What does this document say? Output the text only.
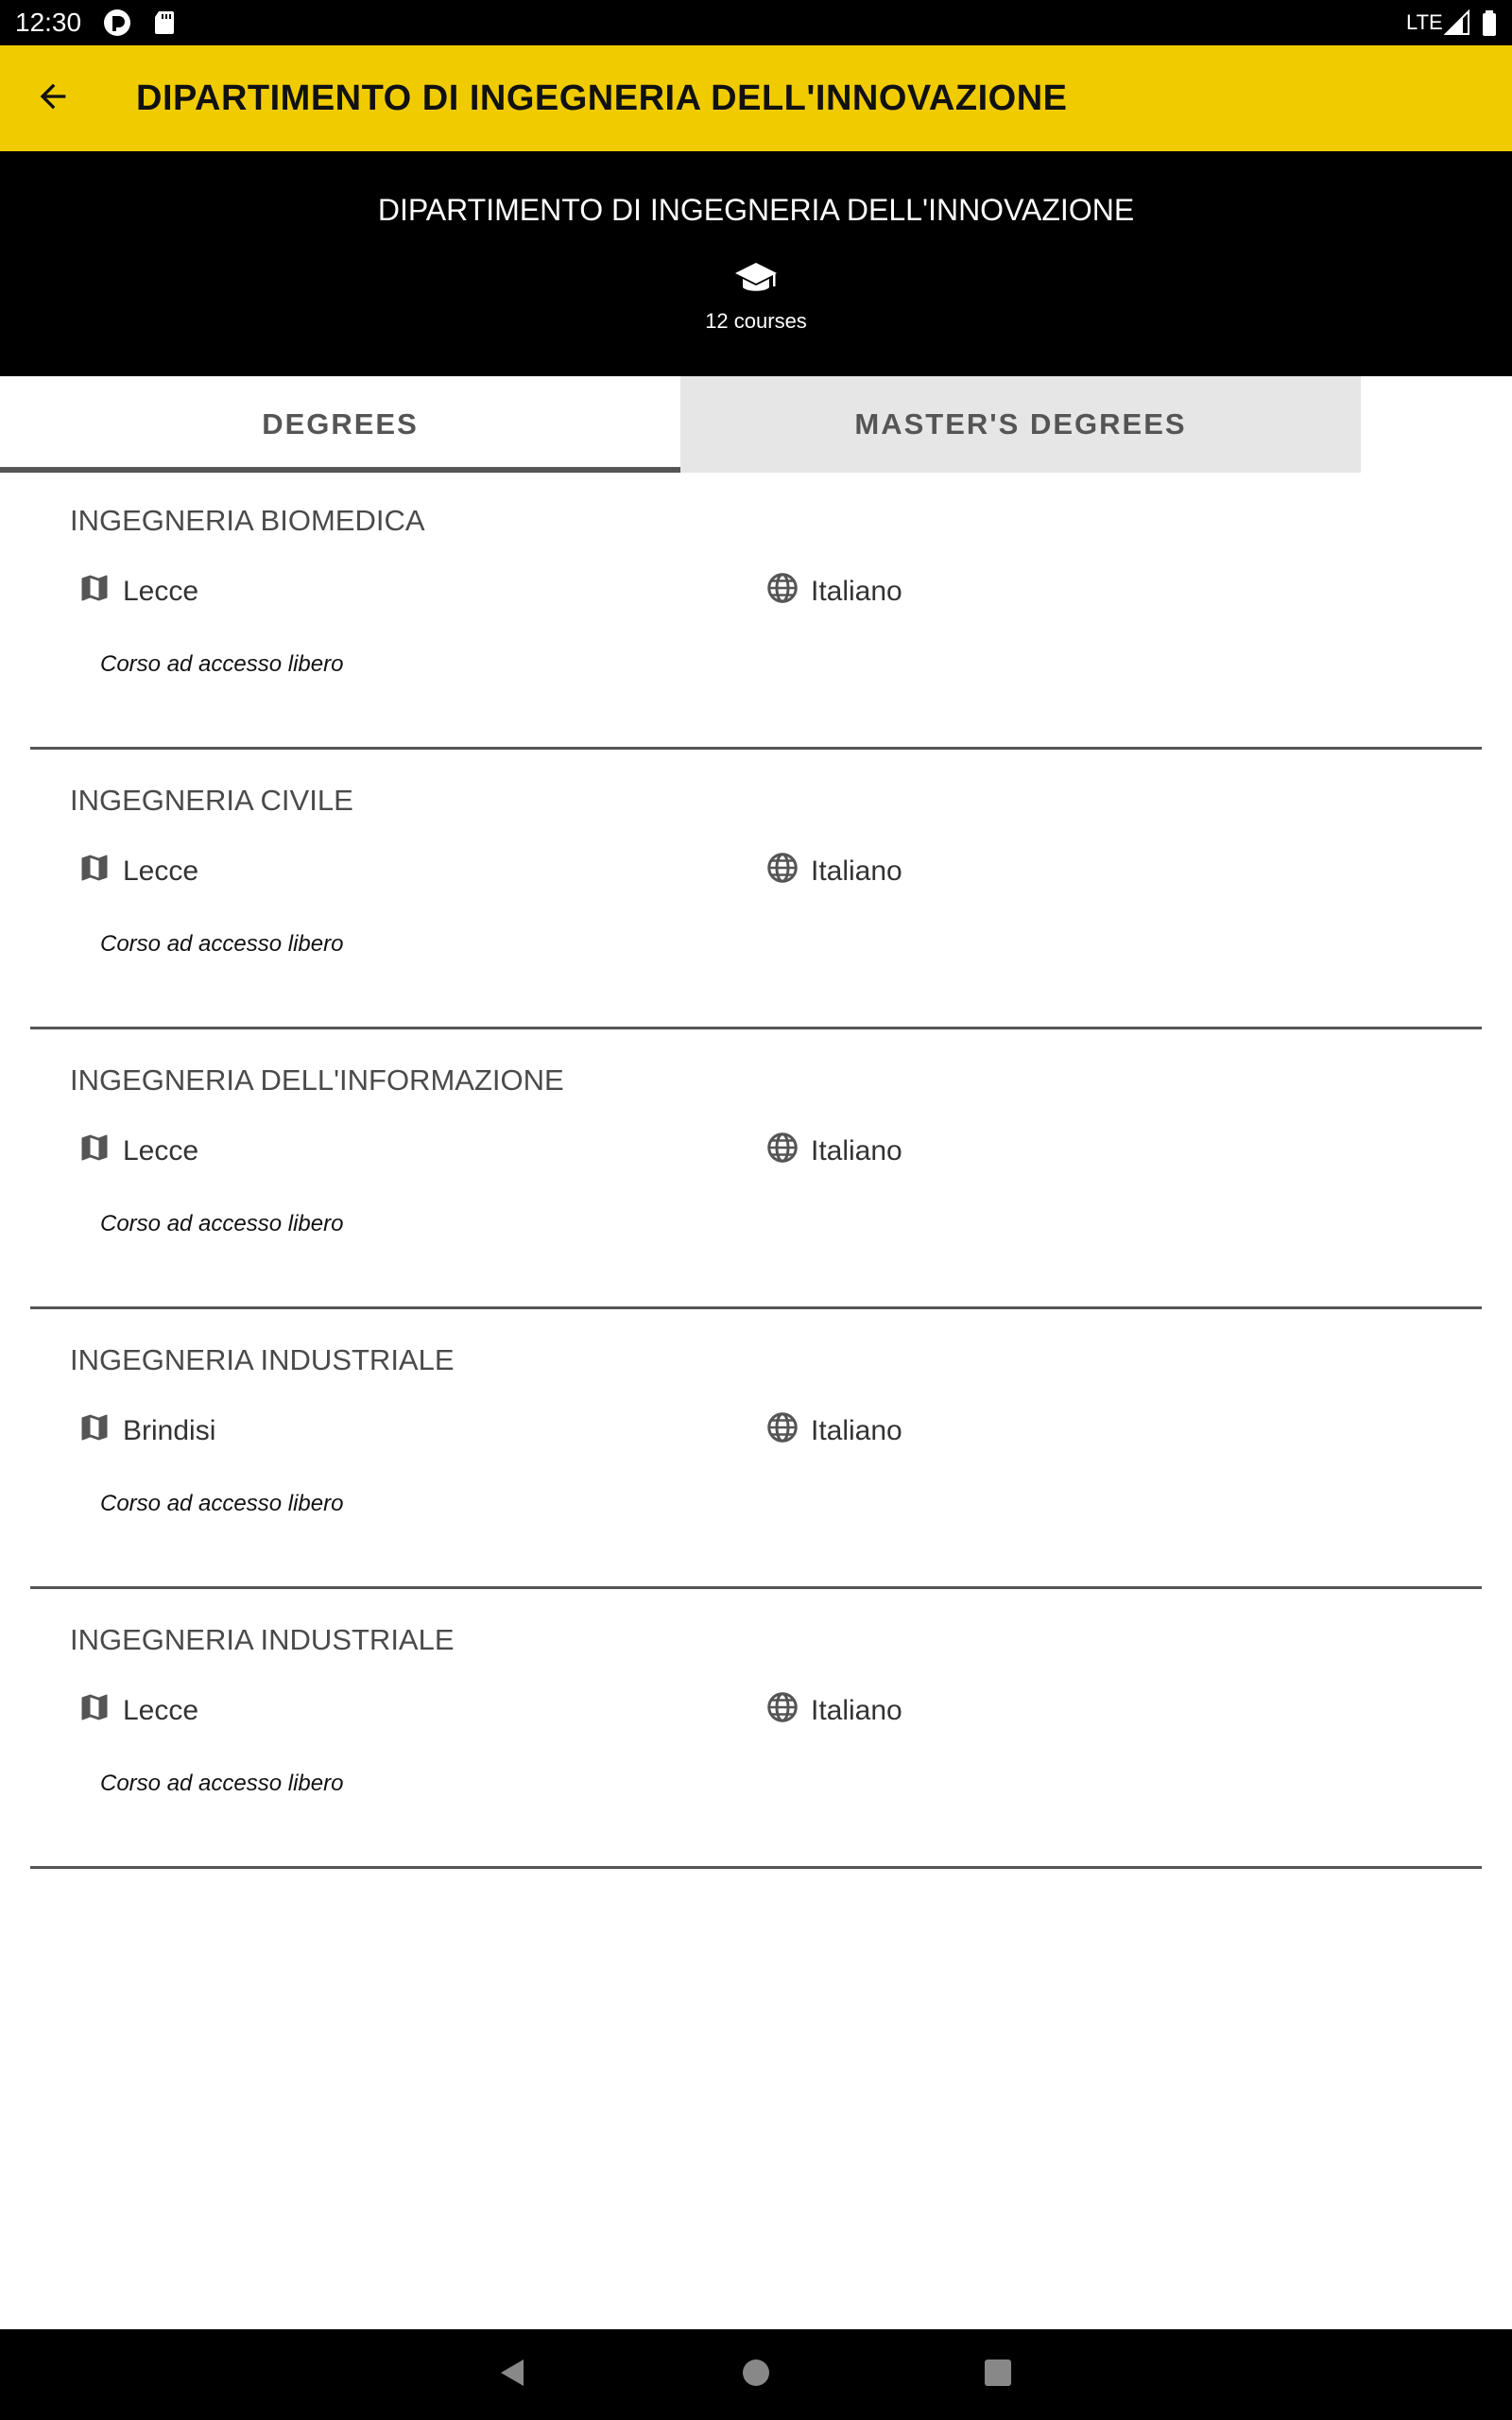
12:30	LTE
DIPARTIMENTO DI INGEGNERIA DELL'INNOVAZIONE
DIPARTIMENTO DI INGEGNERIA DELL'INNOVAZIONE
12 courses
DEGREES	MASTER'S DEGREES
INGEGNERIA BIOMEDICA
Lecce	Italiano
Corso ad accesso libero
INGEGNERIA CIVILE
Lecce	Italiano
Corso ad accesso libero
INGEGNERIA DELL'INFORMAZIONE
Lecce	Italiano
Corso ad accesso libero
INGEGNERIA INDUSTRIALE
Brindisi	Italiano
Corso ad accesso libero
INGEGNERIA INDUSTRIALE
Lecce	Italiano
Corso ad accesso libero
